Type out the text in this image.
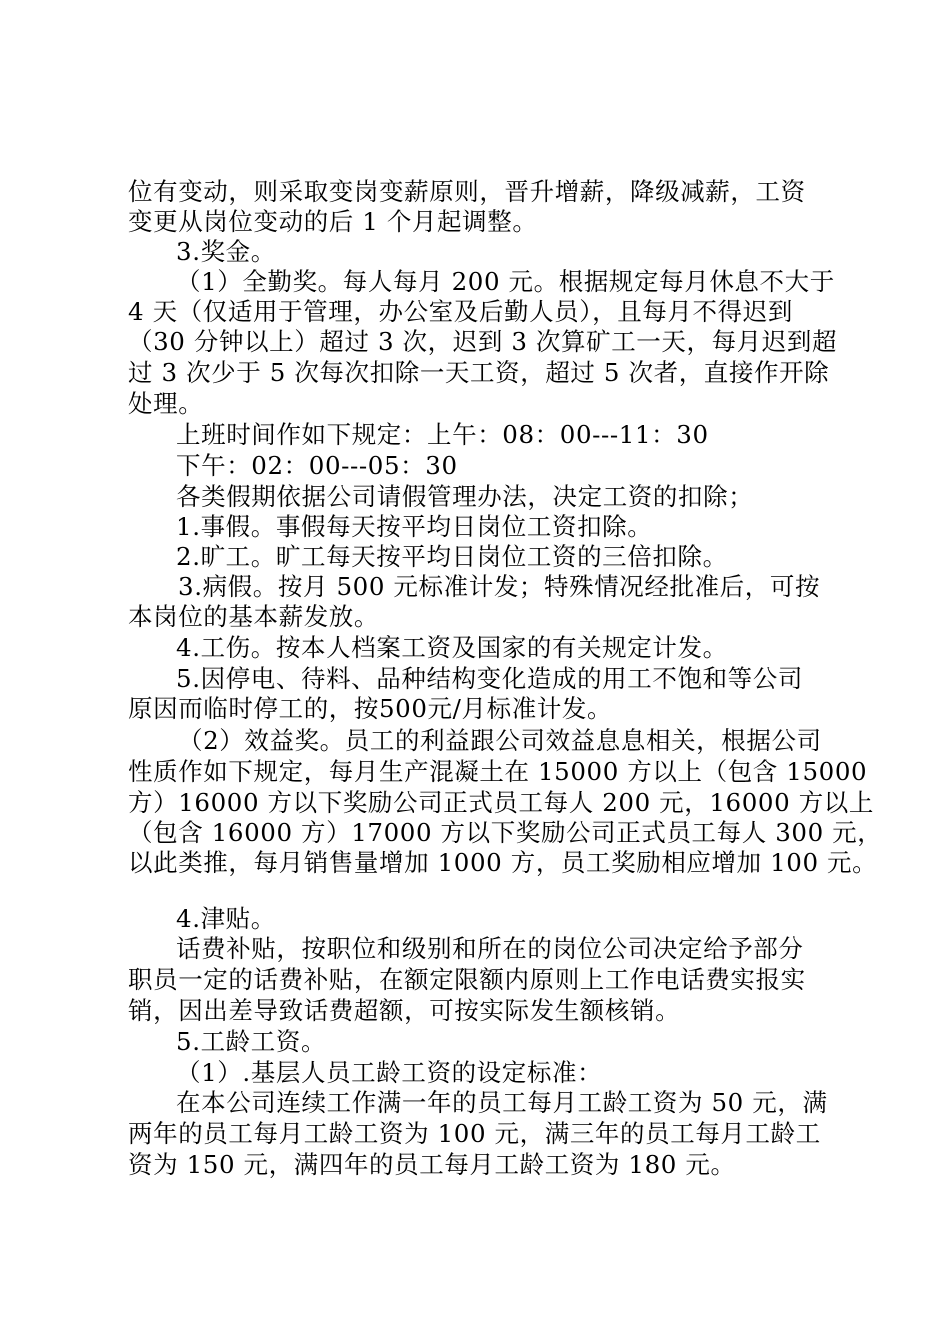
位有变动，则采取变岗变薪原则，晋升增薪，降级减薪，工资

变更从岗位变动的后 1 个月起调整。

3.奖金。

（1）全勤奖。每人每月 200 元。根据规定每月休息不大于

4 天（仅适用于管理，办公室及后勤人员），且每月不得迟到

（30 分钟以上）超过 3 次，迟到 3 次算矿工一天，每月迟到超

过 3 次少于 5 次每次扣除一天工资，超过 5 次者，直接作开除

处理。

上班时间作如下规定：上午：08：00---11：30

下午：02：00---05：30

各类假期依据公司请假管理办法，决定工资的扣除；

1.事假。事假每天按平均日岗位工资扣除。

2.旷工。旷工每天按平均日岗位工资的三倍扣除。

3.病假。按月 500 元标准计发；特殊情况经批准后，可按

本岗位的基本薪发放。

4.工伤。按本人档案工资及国家的有关规定计发。

5.因停电、待料、品种结构变化造成的用工不饱和等公司

原因而临时停工的，按500元/月标准计发。

（2）效益奖。员工的利益跟公司效益息息相关，根据公司

性质作如下规定，每月生产混凝土在 15000 方以上（包含 15000

方）16000 方以下奖励公司正式员工每人 200 元，16000 方以上

（包含 16000 方）17000 方以下奖励公司正式员工每人 300 元，

以此类推，每月销售量增加 1000 方，员工奖励相应增加 100 元。

4.津贴。

话费补贴，按职位和级别和所在的岗位公司决定给予部分

职员一定的话费补贴，在额定限额内原则上工作电话费实报实

销，因出差导致话费超额，可按实际发生额核销。

5.工龄工资。

（1）.基层人员工龄工资的设定标准：

在本公司连续工作满一年的员工每月工龄工资为 50 元，满

两年的员工每月工龄工资为 100 元，满三年的员工每月工龄工

资为 150 元，满四年的员工每月工龄工资为 180 元。
